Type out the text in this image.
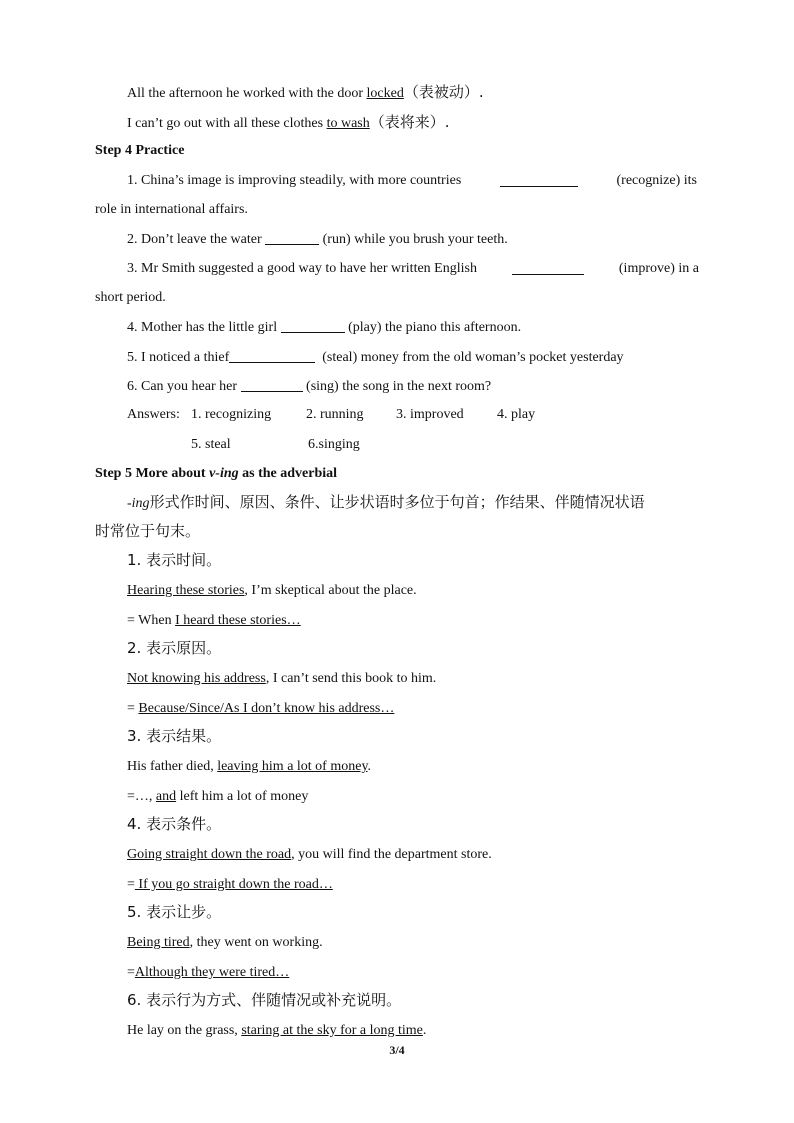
All the afternoon he worked with the door locked（表被动）.
I can’t go out with all these clothes to wash（表将来）.
Step 4 Practice
1. China’s image is improving steadily, with more countries	(recognize) its
role in international affairs.
2. Don’t leave the water	(run) while you brush your teeth.
3. Mr Smith suggested a good way to have her written English	(improve) in a
short period.
4. Mother has the little girl	(play) the piano this afternoon.
5. I noticed a thief	(steal) money from the old woman’s pocket yesterday
6. Can you hear her	(sing) the song in the next room?
Answers: 1. recognizing 2. running 3. improved 4. play
5. steal	6.singing
Step 5 More about v-ing as the adverbial
-ing形式作时间、原因、条件、让步状语时多位于句首；作结果、伴随情况状语
时常位于句末。
1. 表示时间。
Hearing these stories, I’m skeptical about the place.
= When I heard these stories…
2. 表示原因。
Not knowing his address, I can’t send this book to him.
= Because/Since/As I don’t know his address…
3. 表示结果。
His father died, leaving him a lot of money.
=…, and left him a lot of money
4. 表示条件。
Going straight down the road, you will find the department store.
= If you go straight down the road…
5. 表示让步。
Being tired, they went on working.
=Although they were tired…
6. 表示行为方式、伴随情况或补充说明。
He lay on the grass, staring at the sky for a long time.
3/4
